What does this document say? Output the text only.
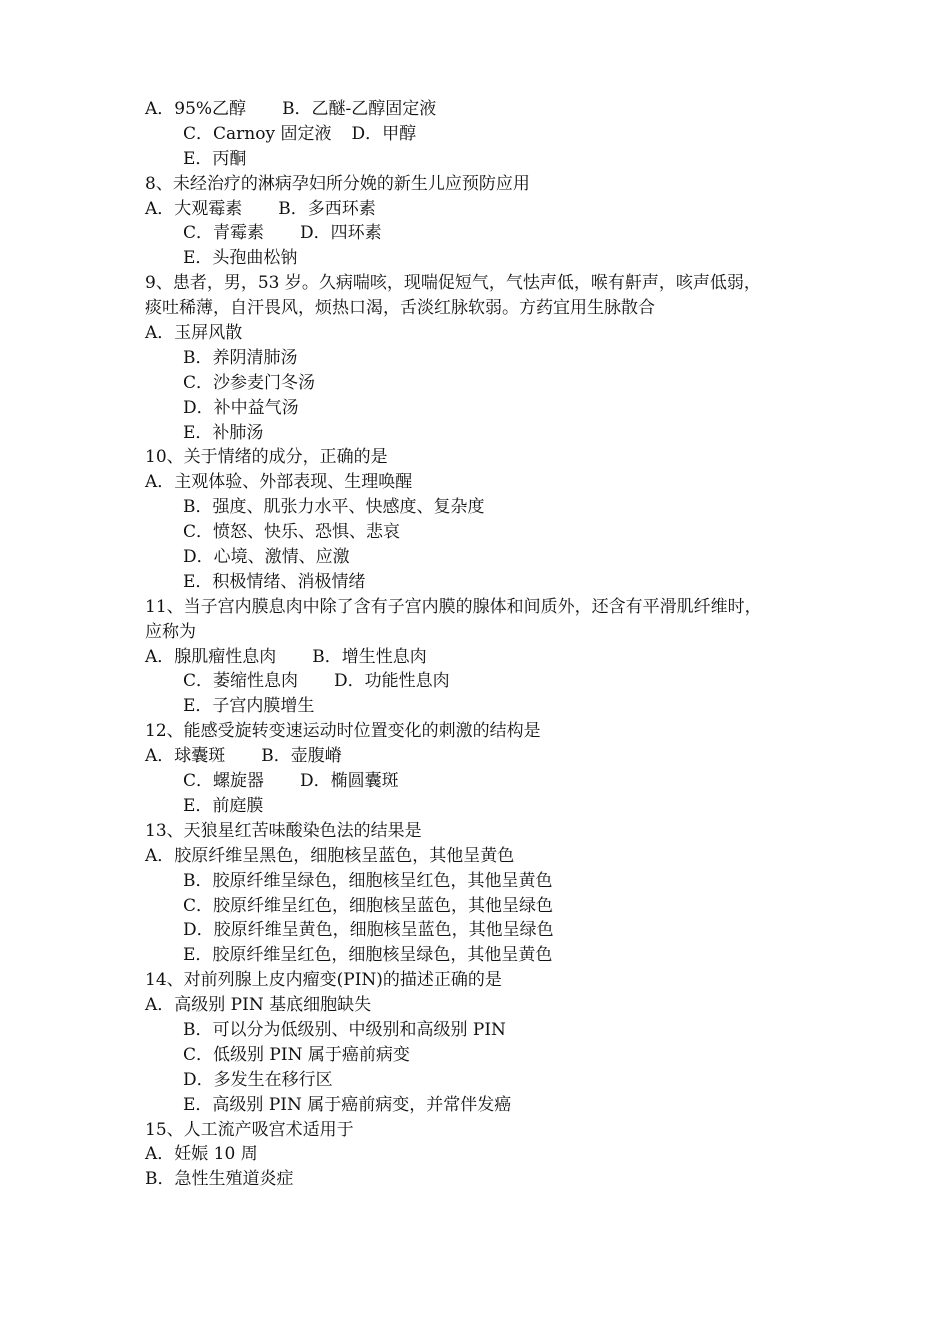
A．95%乙醇 B．乙醚-乙醇固定液
C．Carnoy 固定液 D．甲醇
E．丙酮
8、未经治疗的淋病孕妇所分娩的新生儿应预防应用
A．大观霉素 B．多西环素
C．青霉素 D．四环素
E．头孢曲松钠
9、患者，男，53 岁。久病喘咳，现喘促短气，气怯声低，喉有鼾声，咳声低弱，
痰吐稀薄，自汗畏风，烦热口渴，舌淡红脉软弱。方药宜用生脉散合
A．玉屏风散
B．养阴清肺汤
C．沙参麦门冬汤
D．补中益气汤
E．补肺汤
10、关于情绪的成分，正确的是
A．主观体验、外部表现、生理唤醒
B．强度、肌张力水平、快感度、复杂度
C．愤怒、快乐、恐惧、悲哀
D．心境、激情、应激
E．积极情绪、消极情绪
11、当子宫内膜息肉中除了含有子宫内膜的腺体和间质外，还含有平滑肌纤维时，
应称为
A．腺肌瘤性息肉 B．增生性息肉
C．萎缩性息肉 D．功能性息肉
E．子宫内膜增生
12、能感受旋转变速运动时位置变化的刺激的结构是
A．球囊斑 B．壶腹嵴
C．螺旋器 D．椭圆囊斑
E．前庭膜
13、天狼星红苦味酸染色法的结果是
A．胶原纤维呈黑色，细胞核呈蓝色，其他呈黄色
B．胶原纤维呈绿色，细胞核呈红色，其他呈黄色
C．胶原纤维呈红色，细胞核呈蓝色，其他呈绿色
D．胶原纤维呈黄色，细胞核呈蓝色，其他呈绿色
E．胶原纤维呈红色，细胞核呈绿色，其他呈黄色
14、对前列腺上皮内瘤变(PIN)的描述正确的是
A．高级别 PIN 基底细胞缺失
B．可以分为低级别、中级别和高级别 PIN
C．低级别 PIN 属于癌前病变
D．多发生在移行区
E．高级别 PIN 属于癌前病变，并常伴发癌
15、人工流产吸宫术适用于
A．妊娠 10 周
B．急性生殖道炎症
